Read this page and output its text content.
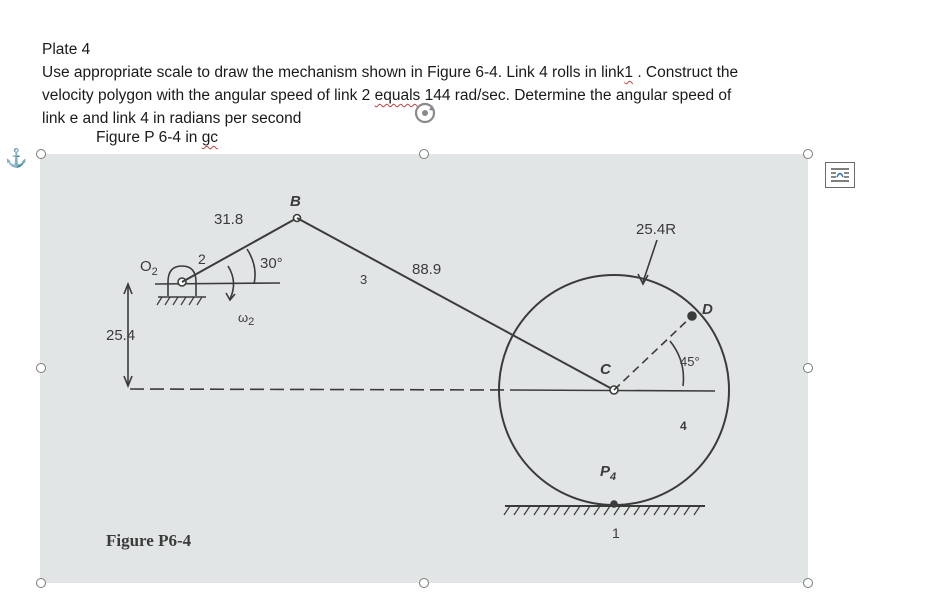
Plate 4
Use appropriate scale to draw the mechanism shown in Figure 6-4. Link 4 rolls in link1 . Construct the
velocity polygon with the angular speed of link 2 equals 144 rad/sec. Determine the angular speed of
link e and link 4 in radians per second
Figure P 6-4 in gc
⚓
$O_2$
2
31.8
30°
$\omega_2$
B
3
88.9
25.4
25.4R
D
C	45°
4
$P_4$
1
Figure P6-4
